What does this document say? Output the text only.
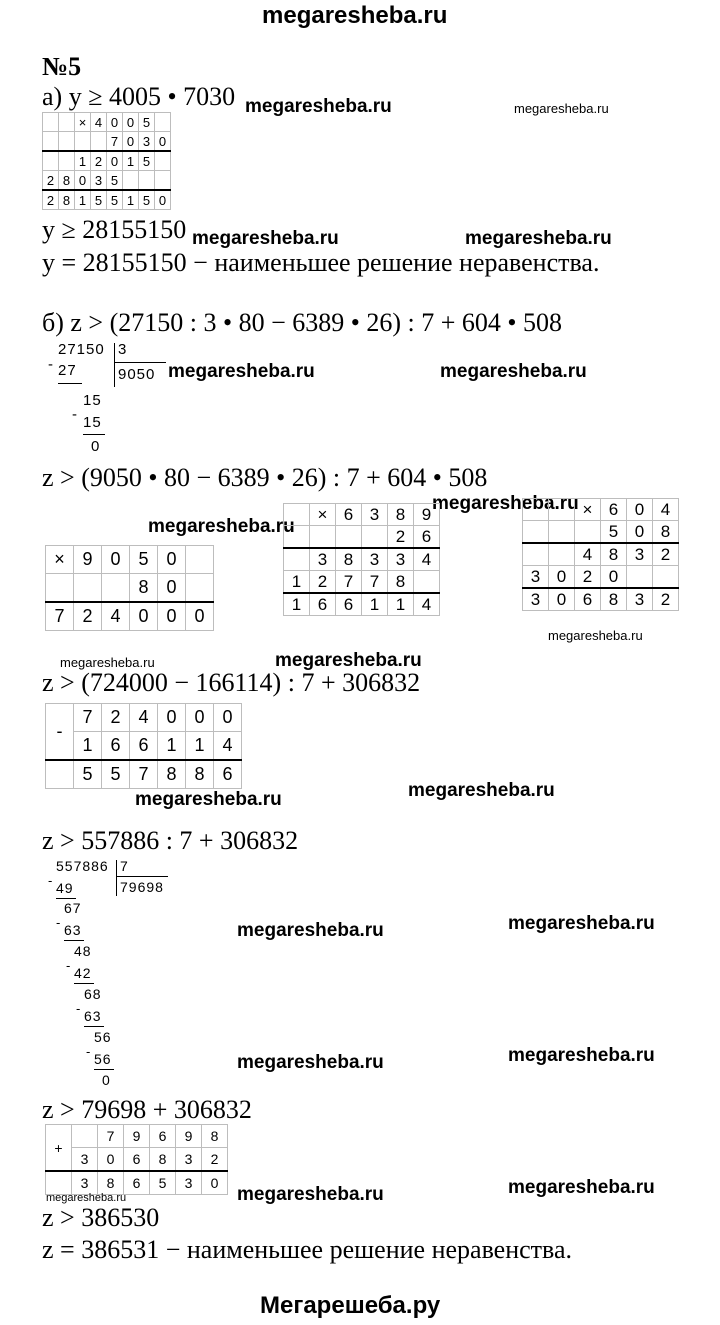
megaresheba.ru
№5
а) y ≥ 4005 • 7030 megaresheba.ru	megaresheba.ru
		×	4	0	0	5	
				7	0	3	0
		1	2	0	1	5	
2	8	0	3	5			
2	8	1	5	5	1	5	0
y ≥ 28155150 megaresheba.ru	megaresheba.ru
y = 28155150 − наименьшее решение неравенства.
б) z > (27150 : 3 • 80 − 6389 • 26) : 7 + 604 • 508
27150 3
9050
- 27
15
- 15
0
megaresheba.ru	megaresheba.ru
z > (9050 • 80 − 6389 • 26) : 7 + 604 • 508
megaresheba.ru
megaresheba.ru
×	9	0	5	0	
			8	0	
7	2	4	0	0	0
	×	6	3	8	9
				2	6
	3	8	3	3	4
1	2	7	7	8	
1	6	6	1	1	4
		×	6	0	4
			5	0	8
		4	8	3	2
3	0	2	0		
3	0	6	8	3	2
megaresheba.ru
megaresheba.ru	megaresheba.ru
z > (724000 − 166114) : 7 + 306832
-	7	2	4	0	0	0
	1	6	6	1	1	4
	5	5	7	8	8	6
megaresheba.ru
megaresheba.ru
z > 557886 : 7 + 306832
557886 7
79698
- 49
67
- 63
48
- 42
68
- 63
56
- 56
0
megaresheba.ru
megaresheba.ru
megaresheba.ru
megaresheba.ru
z > 79698 + 306832
+		7	9	6	9	8
	3	0	6	8	3	2
	3	8	6	5	3	0
megaresheba.ru	megaresheba.ru
megaresheba.ru
z > 386530
z = 386531 − наименьшее решение неравенства.
Мегарешеба.ру
